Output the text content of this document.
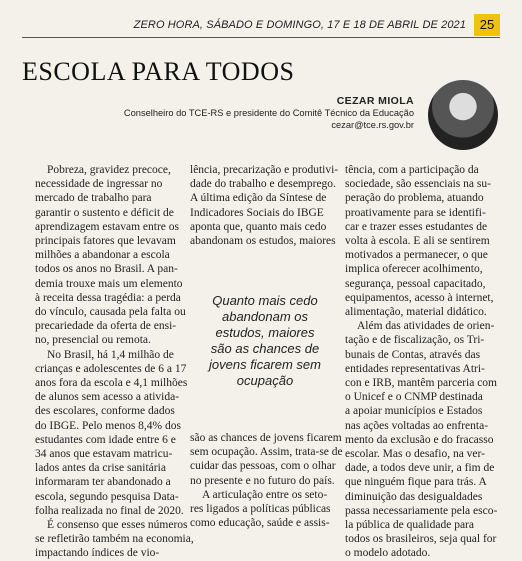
ZERO HORA, SÁBADO E DOMINGO, 17 E 18 DE ABRIL DE 2021	25
ESCOLA PARA TODOS
CEZAR MIOLA
Conselheiro do TCE-RS e presidente do Comitê Técnico da Educação
cezar@tce.rs.gov.br

Pobreza, gravidez precoce,

necessidade de ingressar no

mercado de trabalho para

garantir o sustento e déficit de

aprendizagem estavam entre os

principais fatores que levavam

milhões a abandonar a escola

todos os anos no Brasil. A pan-

demia trouxe mais um elemento

à receita dessa tragédia: a perda

do vínculo, causada pela falta ou

precariedade da oferta de ensi-

no, presencial ou remota.

No Brasil, há 1,4 milhão de

crianças e adolescentes de 6 a 17

anos fora da escola e 4,1 milhões

de alunos sem acesso a ativida-

des escolares, conforme dados

do IBGE. Pelo menos 8,4% dos

estudantes com idade entre 6 e

34 anos que estavam matricu-

lados antes da crise sanitária

informaram ter abandonado a

escola, segundo pesquisa Data-

folha realizada no final de 2020.

É consenso que esses números

se refletirão também na economia,

impactando índices de vio-

lência, precarização e produtivi-

dade do trabalho e desemprego.

A última edição da Síntese de

Indicadores Sociais do IBGE

aponta que, quanto mais cedo

abandonam os estudos, maiores

Quanto mais cedo

abandonam os

estudos, maiores

são as chances de

jovens ficarem sem

ocupação

são as chances de jovens ficarem

sem ocupação. Assim, trata-se de

cuidar das pessoas, com o olhar

no presente e no futuro do país.

A articulação entre os seto-

res ligados a políticas públicas

como educação, saúde e assis-

tência, com a participação da

sociedade, são essenciais na su-

peração do problema, atuando

proativamente para se identifi-

car e trazer esses estudantes de

volta à escola. E ali se sentirem

motivados a permanecer, o que

implica oferecer acolhimento,

segurança, pessoal capacitado,

equipamentos, acesso à internet,

alimentação, material didático.

Além das atividades de orien-

tação e de fiscalização, os Tri-

bunais de Contas, através das

entidades representativas Atri-

con e IRB, mantêm parceria com

o Unicef e o CNMP destinada

a apoiar municípios e Estados

nas ações voltadas ao enfrenta-

mento da exclusão e do fracasso

escolar. Mas o desafio, na ver-

dade, a todos deve unir, a fim de

que ninguém fique para trás. A

diminuição das desigualdades

passa necessariamente pela esco-

la pública de qualidade para

todos os brasileiros, seja qual for

o modelo adotado.
